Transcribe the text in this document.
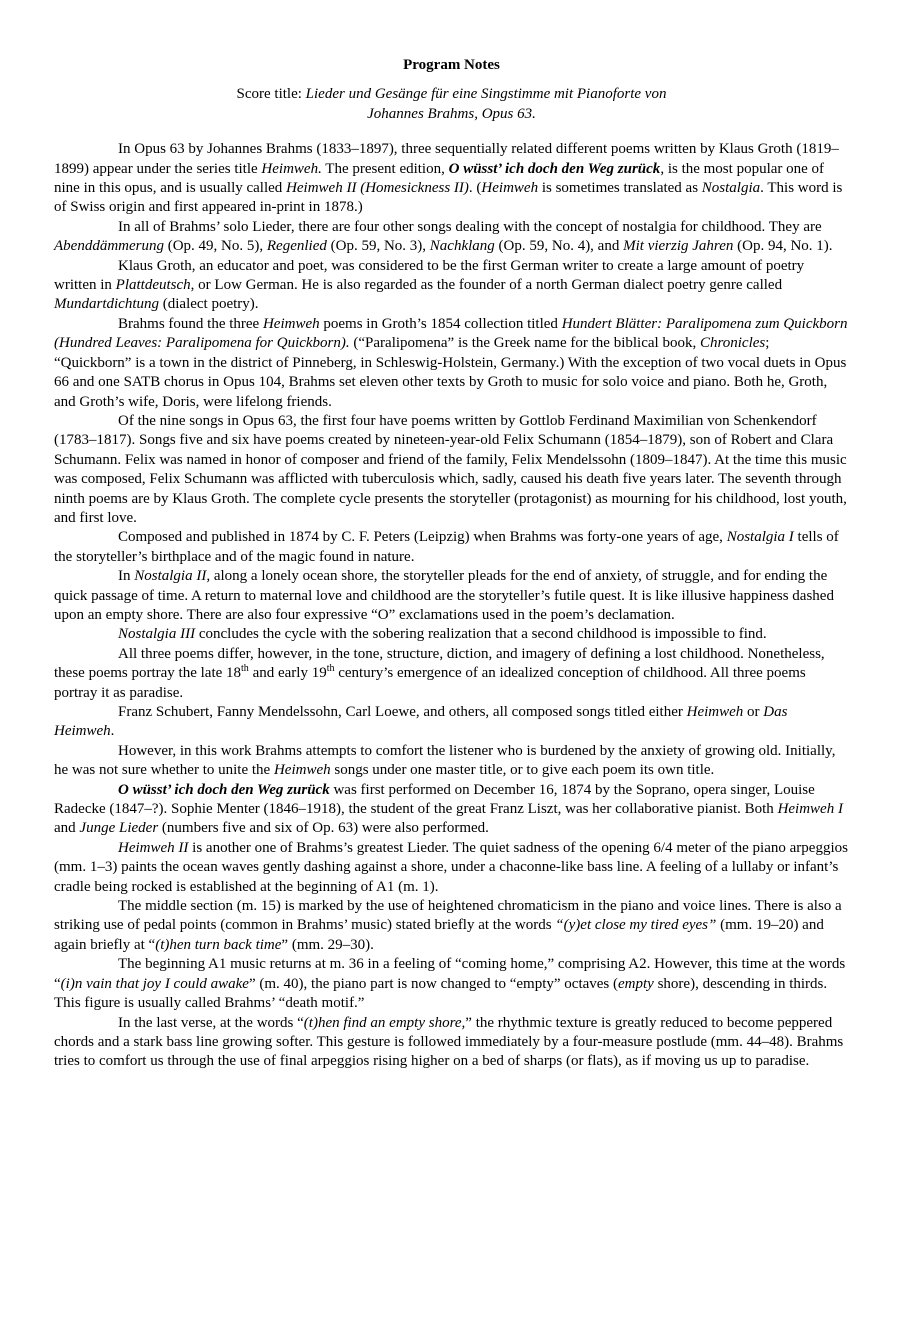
Program Notes
Score title: Lieder und Gesänge für eine Singstimme mit Pianoforte von
Johannes Brahms, Opus 63.

In Opus 63 by Johannes Brahms (1833–1897), three sequentially related different poems written by Klaus Groth (1819–1899) appear under the series title Heimweh. The present edition, O wüsst’ ich doch den Weg zurück, is the most popular one of nine in this opus, and is usually called Heimweh II (Homesickness II). (Heimweh is sometimes translated as Nostalgia. This word is of Swiss origin and first appeared in-print in 1878.)

In all of Brahms’ solo Lieder, there are four other songs dealing with the concept of nostalgia for childhood. They are Abenddämmerung (Op. 49, No. 5), Regenlied (Op. 59, No. 3), Nachklang (Op. 59, No. 4), and Mit vierzig Jahren (Op. 94, No. 1).

Klaus Groth, an educator and poet, was considered to be the first German writer to create a large amount of poetry written in Plattdeutsch, or Low German. He is also regarded as the founder of a north German dialect poetry genre called Mundartdichtung (dialect poetry).

Brahms found the three Heimweh poems in Groth’s 1854 collection titled Hundert Blätter: Paralipomena zum Quickborn (Hundred Leaves: Paralipomena for Quickborn). (“Paralipomena” is the Greek name for the biblical book, Chronicles; “Quickborn” is a town in the district of Pinneberg, in Schleswig-Holstein, Germany.) With the exception of two vocal duets in Opus 66 and one SATB chorus in Opus 104, Brahms set eleven other texts by Groth to music for solo voice and piano. Both he, Groth, and Groth’s wife, Doris, were lifelong friends.

Of the nine songs in Opus 63, the first four have poems written by Gottlob Ferdinand Maximilian von Schenkendorf (1783–1817). Songs five and six have poems created by nineteen-year-old Felix Schumann (1854–1879), son of Robert and Clara Schumann. Felix was named in honor of composer and friend of the family, Felix Mendelssohn (1809–1847). At the time this music was composed, Felix Schumann was afflicted with tuberculosis which, sadly, caused his death five years later. The seventh through ninth poems are by Klaus Groth. The complete cycle presents the storyteller (protagonist) as mourning for his childhood, lost youth, and first love.

Composed and published in 1874 by C. F. Peters (Leipzig) when Brahms was forty-one years of age, Nostalgia I tells of the storyteller’s birthplace and of the magic found in nature.

In Nostalgia II, along a lonely ocean shore, the storyteller pleads for the end of anxiety, of struggle, and for ending the quick passage of time. A return to maternal love and childhood are the storyteller’s futile quest. It is like illusive happiness dashed upon an empty shore. There are also four expressive “O” exclamations used in the poem’s declamation.

Nostalgia III concludes the cycle with the sobering realization that a second childhood is impossible to find.

All three poems differ, however, in the tone, structure, diction, and imagery of defining a lost childhood. Nonetheless, these poems portray the late 18th and early 19th century’s emergence of an idealized conception of childhood. All three poems portray it as paradise.

Franz Schubert, Fanny Mendelssohn, Carl Loewe, and others, all composed songs titled either Heimweh or Das Heimweh.

However, in this work Brahms attempts to comfort the listener who is burdened by the anxiety of growing old. Initially, he was not sure whether to unite the Heimweh songs under one master title, or to give each poem its own title.

O wüsst’ ich doch den Weg zurück was first performed on December 16, 1874 by the Soprano, opera singer, Louise Radecke (1847–?). Sophie Menter (1846–1918), the student of the great Franz Liszt, was her collaborative pianist. Both Heimweh I and Junge Lieder (numbers five and six of Op. 63) were also performed.

Heimweh II is another one of Brahms’s greatest Lieder. The quiet sadness of the opening 6/4 meter of the piano arpeggios (mm. 1–3) paints the ocean waves gently dashing against a shore, under a chaconne-like bass line. A feeling of a lullaby or infant’s cradle being rocked is established at the beginning of A1 (m. 1).

The middle section (m. 15) is marked by the use of heightened chromaticism in the piano and voice lines. There is also a striking use of pedal points (common in Brahms’ music) stated briefly at the words “(y)et close my tired eyes” (mm. 19–20) and again briefly at “(t)hen turn back time” (mm. 29–30).

The beginning A1 music returns at m. 36 in a feeling of “coming home,” comprising A2. However, this time at the words “(i)n vain that joy I could awake” (m. 40), the piano part is now changed to “empty” octaves (empty shore), descending in thirds. This figure is usually called Brahms’ “death motif.”

In the last verse, at the words “(t)hen find an empty shore,” the rhythmic texture is greatly reduced to become peppered chords and a stark bass line growing softer. This gesture is followed immediately by a four-measure postlude (mm. 44–48). Brahms tries to comfort us through the use of final arpeggios rising higher on a bed of sharps (or flats), as if moving us up to paradise.
